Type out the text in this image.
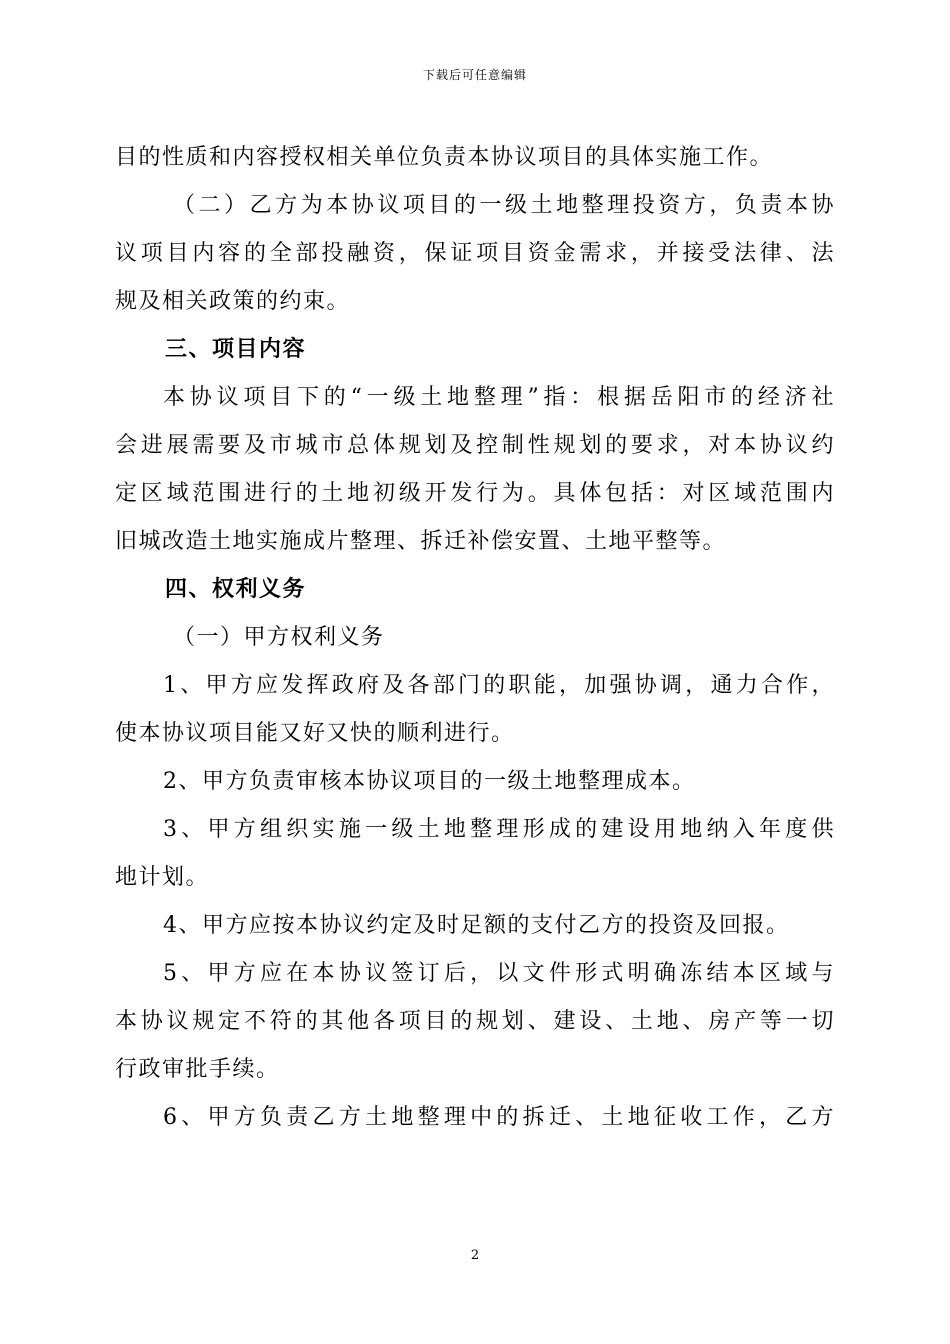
下载后可任意编辑
目的性质和内容授权相关单位负责本协议项目的具体实施工作。
（二）乙方为本协议项目的一级土地整理投资方，负责本协
议项目内容的全部投融资，保证项目资金需求，并接受法律、法
规及相关政策的约束。
三、项目内容
本协议项目下的“一级土地整理”指：根据岳阳市的经济社
会进展需要及市城市总体规划及控制性规划的要求，对本协议约
定区域范围进行的土地初级开发行为。具体包括：对区域范围内
旧城改造土地实施成片整理、拆迁补偿安置、土地平整等。
四、权利义务
（一）甲方权利义务
1、甲方应发挥政府及各部门的职能，加强协调，通力合作，
使本协议项目能又好又快的顺利进行。
2、甲方负责审核本协议项目的一级土地整理成本。
3、甲方组织实施一级土地整理形成的建设用地纳入年度供
地计划。
4、甲方应按本协议约定及时足额的支付乙方的投资及回报。
5、甲方应在本协议签订后，以文件形式明确冻结本区域与
本协议规定不符的其他各项目的规划、建设、土地、房产等一切
行政审批手续。
6、甲方负责乙方土地整理中的拆迁、土地征收工作，乙方
2
